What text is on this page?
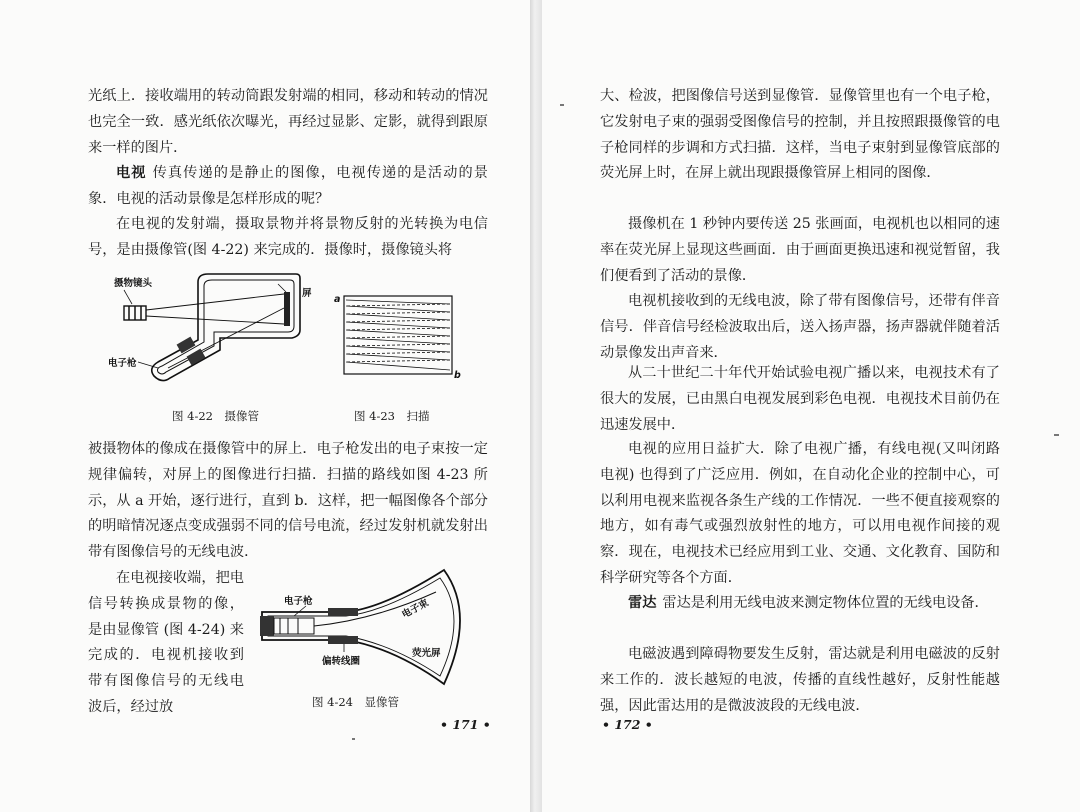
光纸上．接收端用的转动筒跟发射端的相同，移动和转动的情况也完全一致．感光纸依次曝光，再经过显影、定影，就得到跟原来一样的图片．

电视 传真传递的是静止的图像，电视传递的是活动的景象．电视的活动景像是怎样形成的呢？

在电视的发射端，摄取景物并将景物反射的光转换为电信号，是由摄像管(图 4-22) 来完成的．摄像时，摄像镜头将

摄物镜头
屏
电子枪
a
b
图 4-22　摄像管	图 4-23　扫描

被摄物体的像成在摄像管中的屏上．电子枪发出的电子束按一定规律偏转，对屏上的图像进行扫描．扫描的路线如图 4-23 所示，从 a 开始，逐行进行，直到 b．这样，把一幅图像各个部分的明暗情况逐点变成强弱不同的信号电流，经过发射机就发射出带有图像信号的无线电波．

在电视接收端，把电信号转换成景物的像，是由显像管 (图 4-24) 来完成的．电视机接收到带有图像信号的无线电波后，经过放

电子枪	电子束
偏转线圈
荧光屏
图 4-24　显像管
• 171 •

大、检波，把图像信号送到显像管．显像管里也有一个电子枪，它发射电子束的强弱受图像信号的控制，并且按照跟摄像管的电子枪同样的步调和方式扫描．这样，当电子束射到显像管底部的荧光屏上时，在屏上就出现跟摄像管屏上相同的图像．

摄像机在 1 秒钟内要传送 25 张画面，电视机也以相同的速率在荧光屏上显现这些画面．由于画面更换迅速和视觉暂留，我们便看到了活动的景像．

电视机接收到的无线电波，除了带有图像信号，还带有伴音信号．伴音信号经检波取出后，送入扬声器，扬声器就伴随着活动景像发出声音来．

从二十世纪二十年代开始试验电视广播以来，电视技术有了很大的发展，已由黑白电视发展到彩色电视．电视技术目前仍在迅速发展中．

电视的应用日益扩大．除了电视广播，有线电视(又叫闭路电视) 也得到了广泛应用．例如，在自动化企业的控制中心，可以利用电视来监视各条生产线的工作情况．一些不便直接观察的地方，如有毒气或强烈放射性的地方，可以用电视作间接的观察．现在，电视技术已经应用到工业、交通、文化教育、国防和科学研究等各个方面．

雷达 雷达是利用无线电波来测定物体位置的无线电设备．

电磁波遇到障碍物要发生反射，雷达就是利用电磁波的反射来工作的．波长越短的电波，传播的直线性越好，反射性能越强，因此雷达用的是微波波段的无线电波．

• 172 •
